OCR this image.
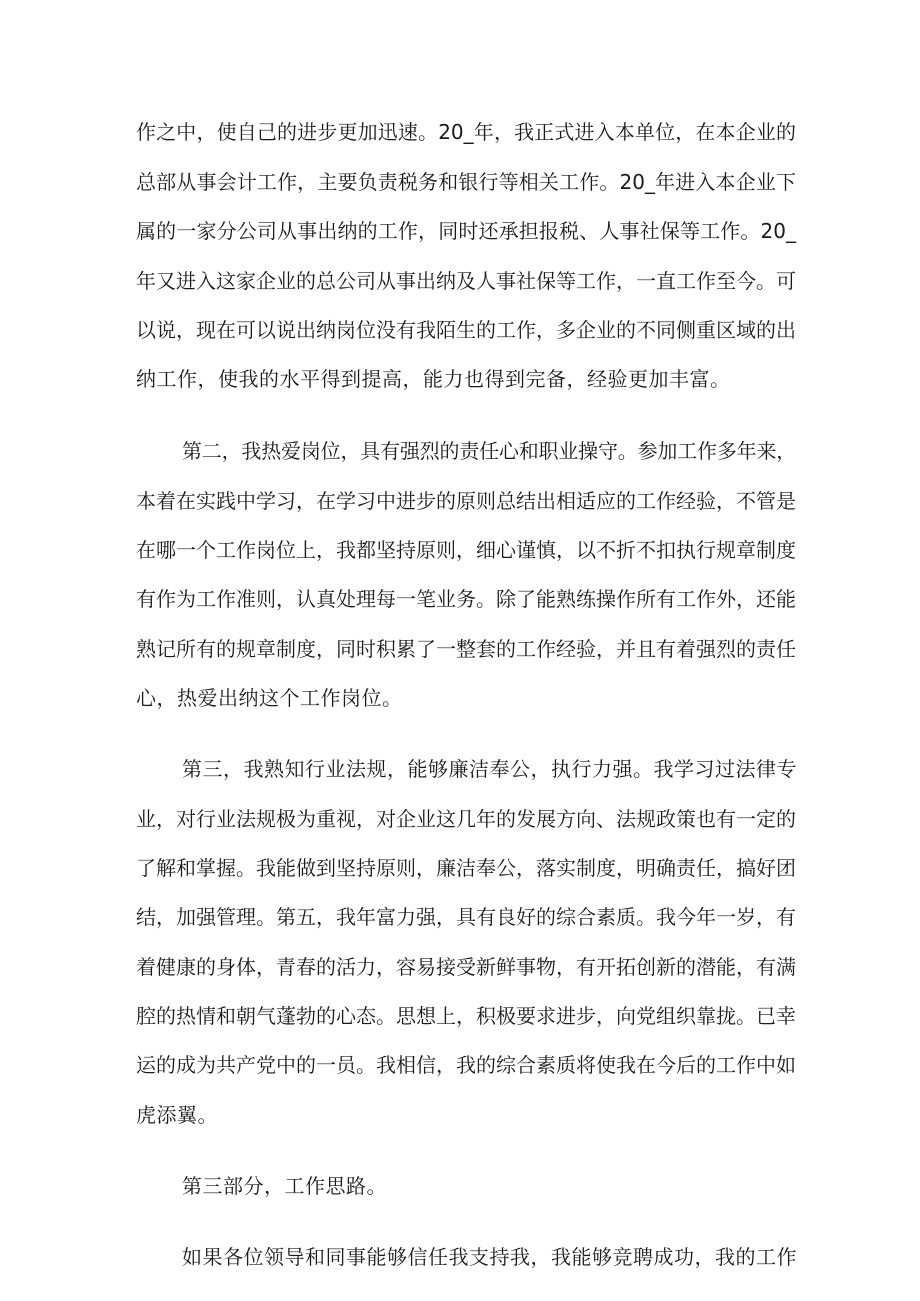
作之中，使自己的进步更加迅速。20_年，我正式进入本单位，在本企业的
总部从事会计工作，主要负责税务和银行等相关工作。20_年进入本企业下
属的一家分公司从事出纳的工作，同时还承担报税、人事社保等工作。20_
年又进入这家企业的总公司从事出纳及人事社保等工作，一直工作至今。可
以说，现在可以说出纳岗位没有我陌生的工作，多企业的不同侧重区域的出
纳工作，使我的水平得到提高，能力也得到完备，经验更加丰富。
第二，我热爱岗位，具有强烈的责任心和职业操守。参加工作多年来，
本着在实践中学习，在学习中进步的原则总结出相适应的工作经验，不管是
在哪一个工作岗位上，我都坚持原则，细心谨慎，以不折不扣执行规章制度
有作为工作准则，认真处理每一笔业务。除了能熟练操作所有工作外，还能
熟记所有的规章制度，同时积累了一整套的工作经验，并且有着强烈的责任
心，热爱出纳这个工作岗位。
第三，我熟知行业法规，能够廉洁奉公，执行力强。我学习过法律专
业，对行业法规极为重视，对企业这几年的发展方向、法规政策也有一定的
了解和掌握。我能做到坚持原则，廉洁奉公，落实制度，明确责任，搞好团
结，加强管理。第五，我年富力强，具有良好的综合素质。我今年一岁，有
着健康的身体，青春的活力，容易接受新鲜事物，有开拓创新的潜能，有满
腔的热情和朝气蓬勃的心态。思想上，积极要求进步，向党组织靠拢。已幸
运的成为共产党中的一员。我相信，我的综合素质将使我在今后的工作中如
虎添翼。
第三部分，工作思路。
如果各位领导和同事能够信任我支持我，我能够竞聘成功，我的工作
